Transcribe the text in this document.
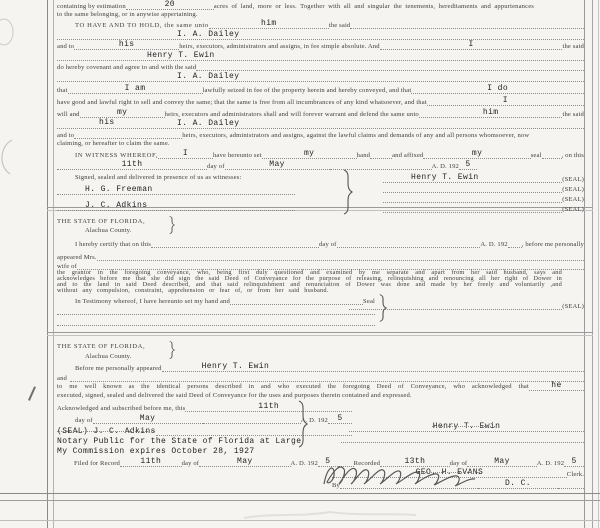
containing by estimation	20	acres of land, more or less. Together with all and singular the tenements, hereditaments and appurtenances
to the same belonging, or in anywise appertaining.
TO HAVE AND TO HOLD, the same unto	him	the said
I. A. Dailey
and to	his	heirs, executors, administrators and assigns, in fee simple absolute. And	I	the said
Henry T. Ewin
do hereby covenant and agree to and with the said
I. A. Dailey
that	I am	lawfully seized in fee of the property herein and hereby conveyed, and that	I do
have good and lawful right to sell and convey the same; that the same is free from all incumbrances of any kind whatsoever, and that	I
will and	my	heirs, executors and administrators shall and will forever warrant and defend the same unto	him	the said
I. A. Dailey
his
and to	heirs, executors, administrators and assigns, against the lawful claims and demands of any and all persons whomsoever, now
claiming, or hereafter to claim the same.
IN WITNESS WHEREOF,	I	have hereunto set	my	hand	and affixed	my	seal	, on this
11th	day of	May	A. D. 192 5
Signed, sealed and delivered in presence of us as witnesses:
H. G. Freeman
J. C. Adkins
Henry T. Ewin	(SEAL)
(SEAL)
(SEAL)
(SEAL)
THE STATE OF FLORIDA,
Alachua County.
I hereby certify that on this	day of	A. D. 192 , before me personally
appeared Mrs.
wife of
the grantor in the foregoing conveyance, who, being first duly questioned and examined by me separate and apart from her said husband, says and acknowledges before me that she did sign the said Deed of Conveyance for the purpose of releasing, relinquishing and renouncing all her right of Dower in and to the land in said Deed described, and that said relinquishment and renunciation of Dower was done and made by her freely and voluntarily ,and without any compulsion, constraint, apprehension or fear of, or from her said husband.
In Testimony whereof, I have hereunto set my hand and	Seal
(SEAL)
THE STATE OF FLORIDA,
Alachua County.
Before me personally appeared	Henry T. Ewin
and
to me well known as the identical persons described in and who executed the foregoing Deed of Conveyance, who acknowledged that	he
executed, signed, sealed and delivered the said Deed of Conveyance for the uses and purposes therein contained and expressed.
Acknowledged and subscribed before me, this	11th
day of	May	A. D. 192	5
(SEAL) J. C. Adkins
Notary Public for the State of Florida at Large
My Commission expires October 28, 1927
Henry T. Ewin
Filed for Record	11th	day of	May	A. D. 192 5	Recorded	13th	day of	May	A. D. 192 5
GEO. H. EVANS	Clerk.
By	D. C.
